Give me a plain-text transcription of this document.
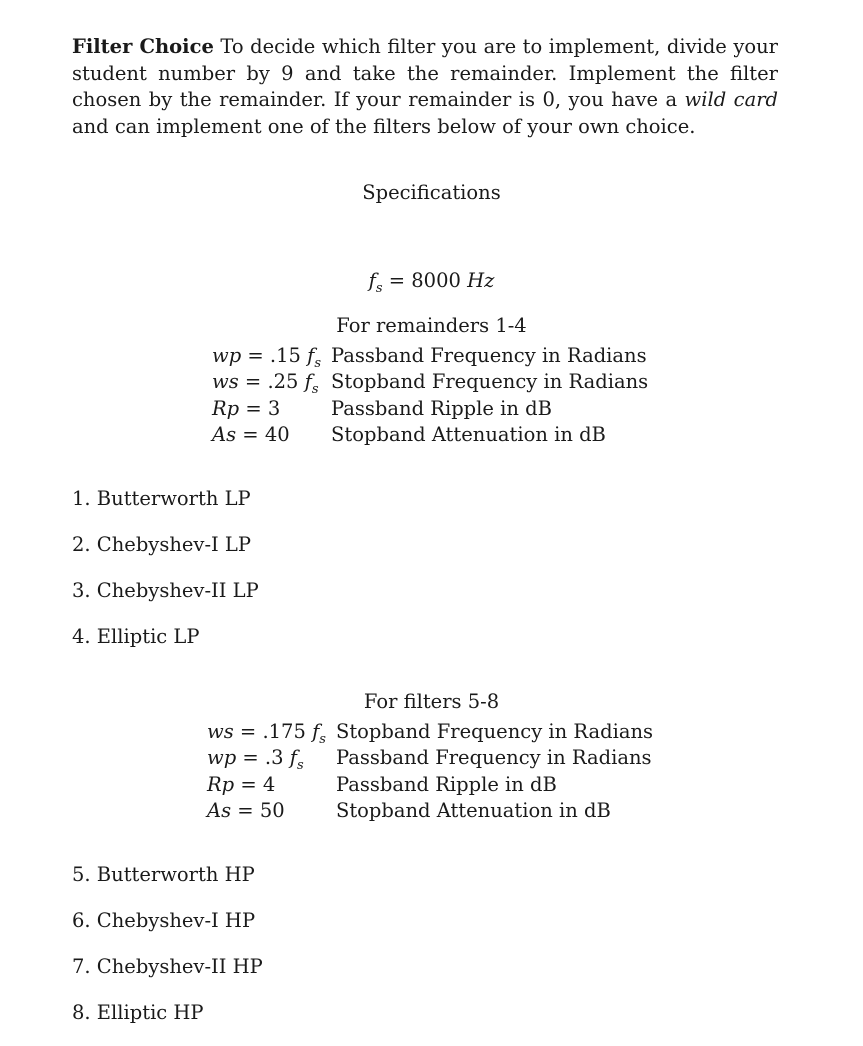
Filter Choice To decide which filter you are to implement, divide your student number by 9 and take the remainder. Implement the filter chosen by the remainder. If your remainder is 0, you have a wild card and can implement one of the filters below of your own choice.

Specifications
$f_s = 8000$ Hz
For remainders 1-4
wp = .15 $f_s$	Passband Frequency in Radians
ws = .25 $f_s$	Stopband Frequency in Radians
Rp = 3	Passband Ripple in dB
As = 40	Stopband Attenuation in dB
1. Butterworth LP
2. Chebyshev-I LP
3. Chebyshev-II LP
4. Elliptic LP
For filters 5-8
ws = .175 $f_s$	Stopband Frequency in Radians
wp = .3 $f_s$	Passband Frequency in Radians
Rp = 4	Passband Ripple in dB
As = 50	Stopband Attenuation in dB
5. Butterworth HP
6. Chebyshev-I HP
7. Chebyshev-II HP
8. Elliptic HP
